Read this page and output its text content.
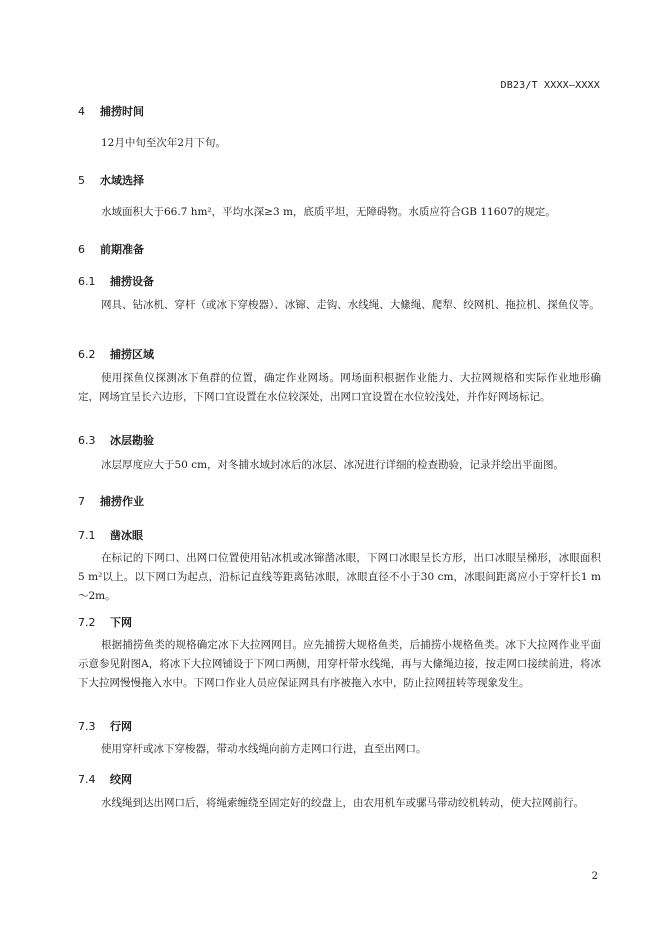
DB23/T XXXX—XXXX
4 捕捞时间
12月中旬至次年2月下旬。
5 水域选择
水域面积大于66.7 hm²，平均水深≥3 m，底质平坦，无障碍物。水质应符合GB 11607的规定。
6 前期准备
6.1 捕捞设备
网具、钻冰机、穿杆（或冰下穿梭器）、冰镩、走钩、水线绳、大絛绳、爬犁、绞网机、拖拉机、探鱼仪等。
6.2 捕捞区域
使用探鱼仪探测冰下鱼群的位置，确定作业网场。网场面积根据作业能力、大拉网规格和实际作业地形确定，网场宜呈长六边形，下网口宜设置在水位较深处，出网口宜设置在水位较浅处，并作好网场标记。
6.3 冰层勘验
冰层厚度应大于50 cm，对冬捕水域封冰后的冰层、冰况进行详细的检查勘验，记录并绘出平面图。
7 捕捞作业
7.1 凿冰眼
在标记的下网口、出网口位置使用钻冰机或冰镩凿冰眼，下网口冰眼呈长方形，出口冰眼呈梯形，冰眼面积5 m²以上。以下网口为起点，沿标记直线等距离钻冰眼，冰眼直径不小于30 cm，冰眼间距离应小于穿杆长1 m～2m。
7.2 下网
根据捕捞鱼类的规格确定冰下大拉网网目。应先捕捞大规格鱼类，后捕捞小规格鱼类。冰下大拉网作业平面示意参见附图A，将冰下大拉网铺设于下网口两侧，用穿杆带水线绳，再与大絛绳边接，按走网口接续前进，将冰下大拉网慢慢拖入水中。下网口作业人员应保证网具有序被拖入水中，防止拉网扭转等现象发生。
7.3 行网
使用穿杆或冰下穿梭器，带动水线绳向前方走网口行进，直至出网口。
7.4 绞网
水线绳到达出网口后，将绳索缠绕至固定好的绞盘上，由农用机车或骡马带动绞机转动，使大拉网前行。
2
